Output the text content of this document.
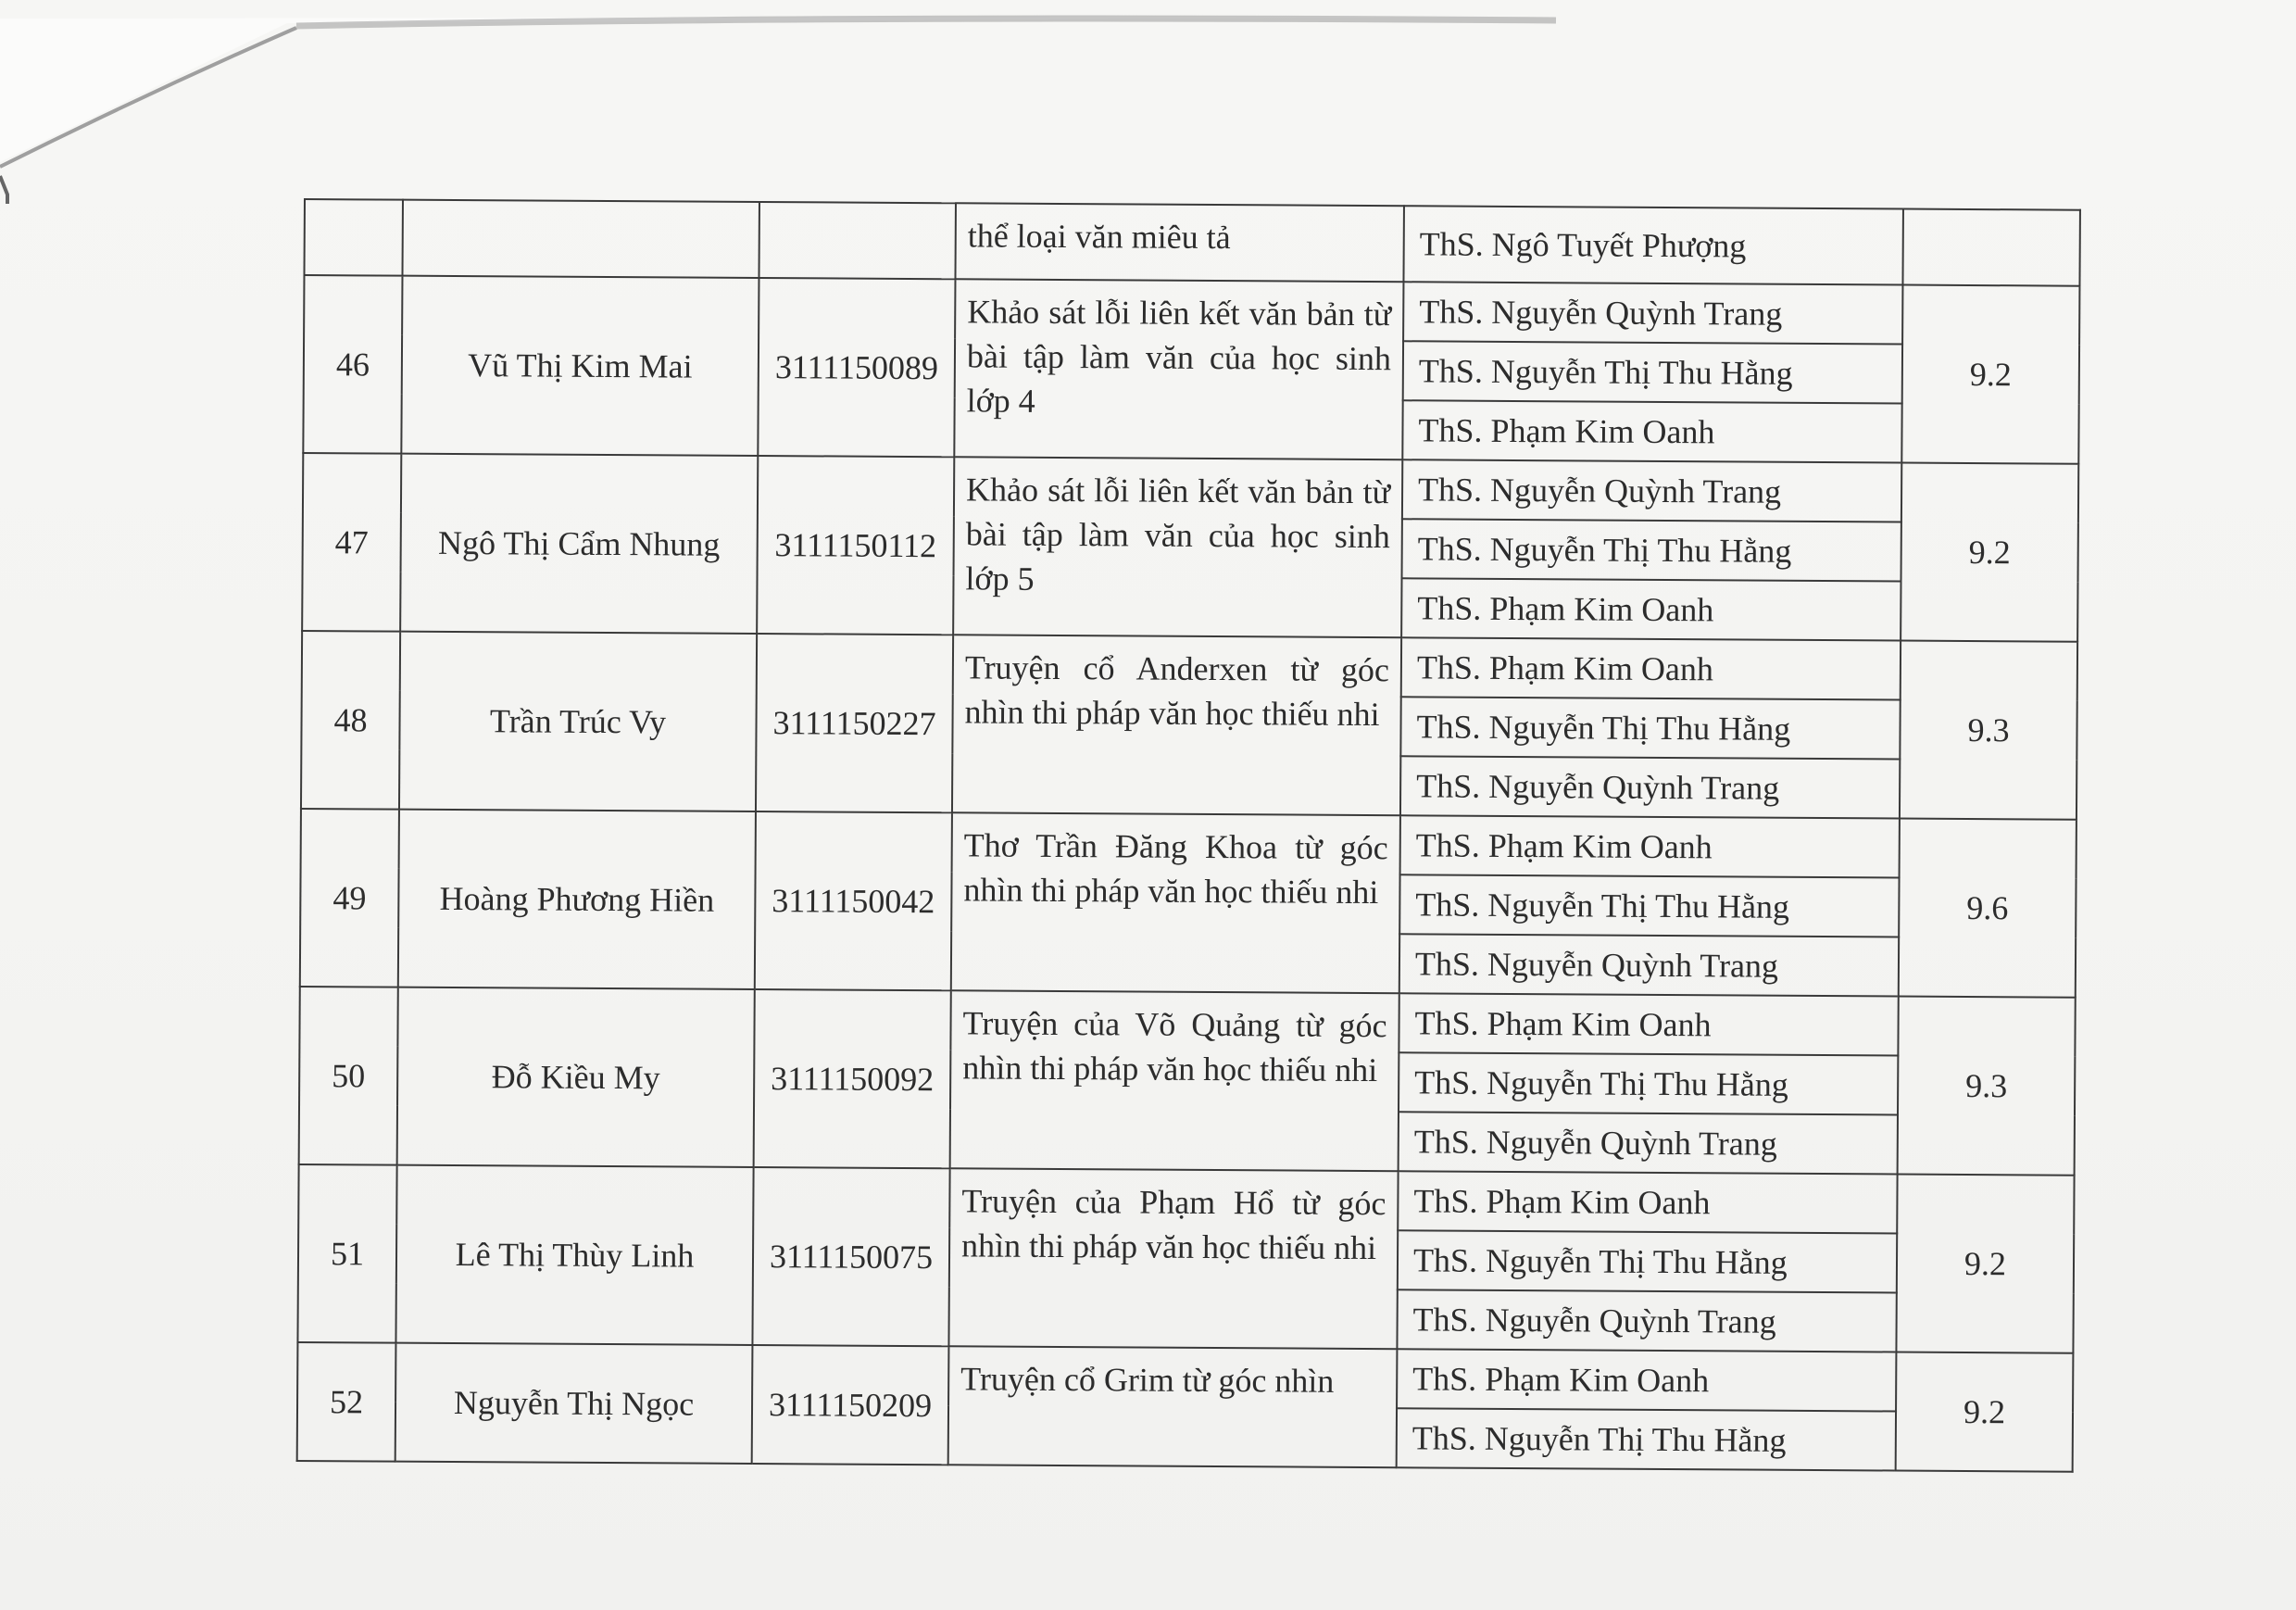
			thể loại văn miêu tả	ThS. Ngô Tuyết Phượng	
46	Vũ Thị Kim Mai	3111150089	Khảo sát lỗi liên kết văn bản từ bài tập làm văn của học sinh lớp 4	ThS. Nguyễn Quỳnh Trang	9.2
				ThS. Nguyễn Thị Thu Hằng	
				ThS. Phạm Kim Oanh	
47	Ngô Thị Cẩm Nhung	3111150112	Khảo sát lỗi liên kết văn bản từ bài tập làm văn của học sinh lớp 5	ThS. Nguyễn Quỳnh Trang	9.2
				ThS. Nguyễn Thị Thu Hằng	
				ThS. Phạm Kim Oanh	
48	Trần Trúc Vy	3111150227	Truyện cổ Anderxen từ góc nhìn thi pháp văn học thiếu nhi	ThS. Phạm Kim Oanh	9.3
				ThS. Nguyễn Thị Thu Hằng	
				ThS. Nguyễn Quỳnh Trang	
49	Hoàng Phương Hiền	3111150042	Thơ Trần Đăng Khoa từ góc nhìn thi pháp văn học thiếu nhi	ThS. Phạm Kim Oanh	9.6
				ThS. Nguyễn Thị Thu Hằng	
				ThS. Nguyễn Quỳnh Trang	
50	Đỗ Kiều My	3111150092	Truyện của Võ Quảng từ góc nhìn thi pháp văn học thiếu nhi	ThS. Phạm Kim Oanh	9.3
				ThS. Nguyễn Thị Thu Hằng	
				ThS. Nguyễn Quỳnh Trang	
51	Lê Thị Thùy Linh	3111150075	Truyện của Phạm Hổ từ góc nhìn thi pháp văn học thiếu nhi	ThS. Phạm Kim Oanh	9.2
				ThS. Nguyễn Thị Thu Hằng	
				ThS. Nguyễn Quỳnh Trang	
52	Nguyễn Thị Ngọc	3111150209	Truyện cổ Grim từ góc nhìn	ThS. Phạm Kim Oanh	9.2
				ThS. Nguyễn Thị Thu Hằng	
